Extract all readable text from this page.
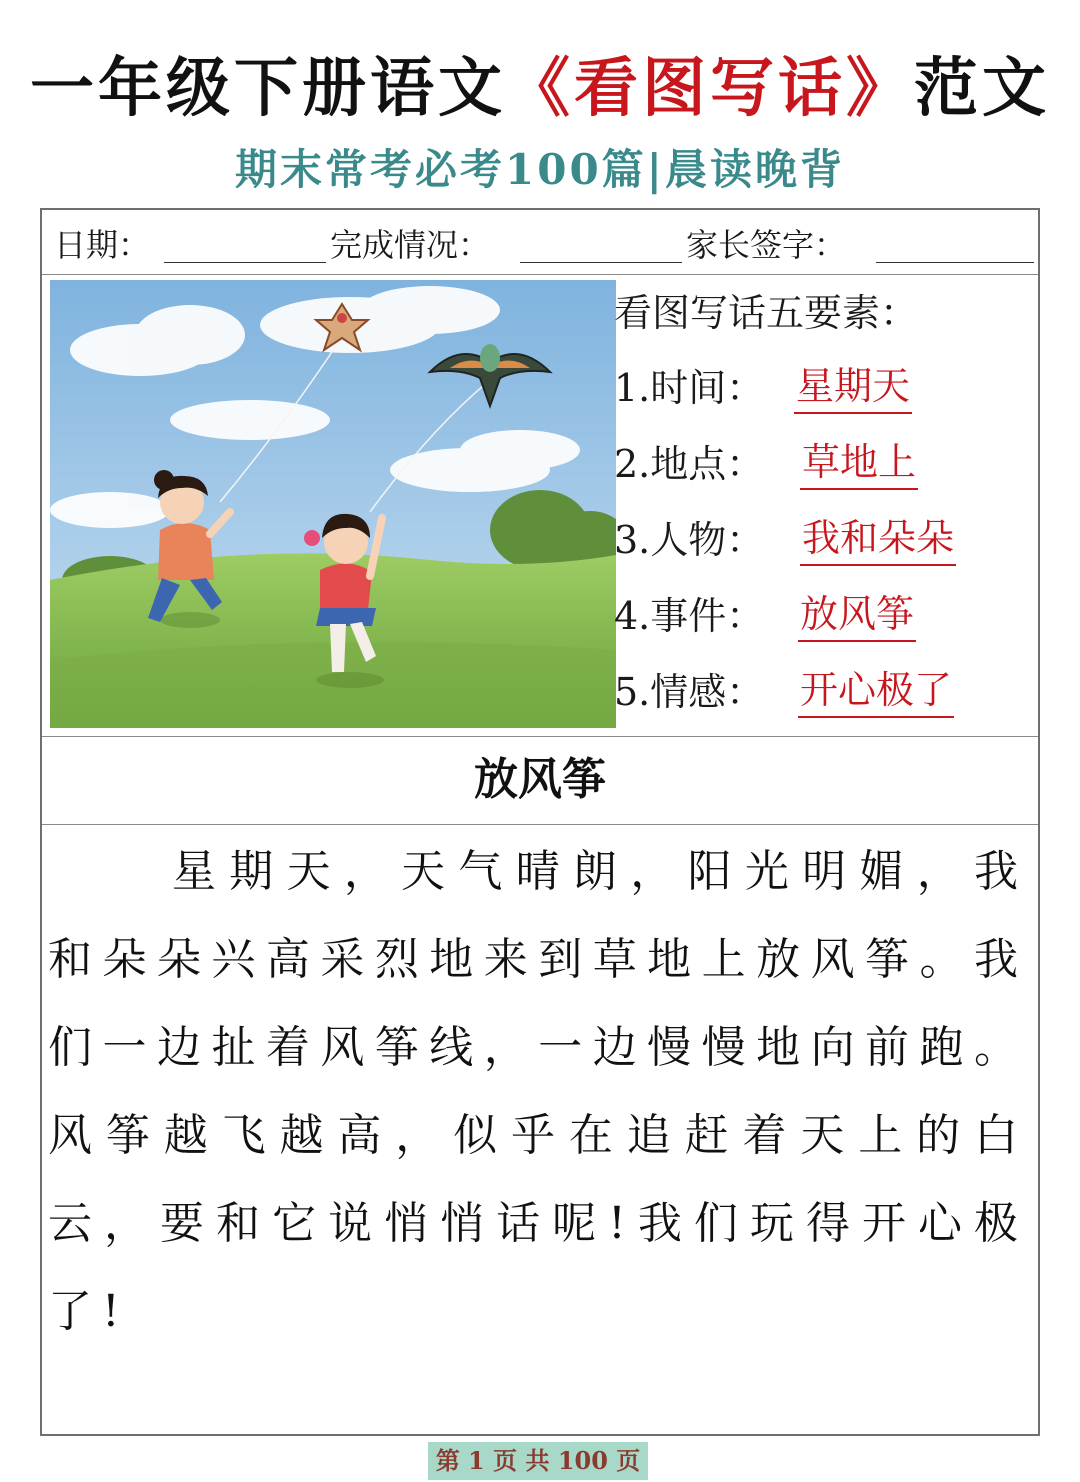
一年级下册语文《看图写话》范文
期末常考必考100篇|晨读晚背
日期：	完成情况：	家长签字：
看图写话五要素：
1.时间： 星期天
2.地点： 草地上
3.人物： 我和朵朵
4.事件： 放风筝
5.情感： 开心极了
放风筝
星期天，天气晴朗，阳光明媚，我和朵朵兴高采烈地来到草地上放风筝。我们一边扯着风筝线，一边慢慢地向前跑。风筝越飞越高，似乎在追赶着天上的白云，要和它说悄悄话呢!我们玩得开心极了!
第 1 页 共 100 页
